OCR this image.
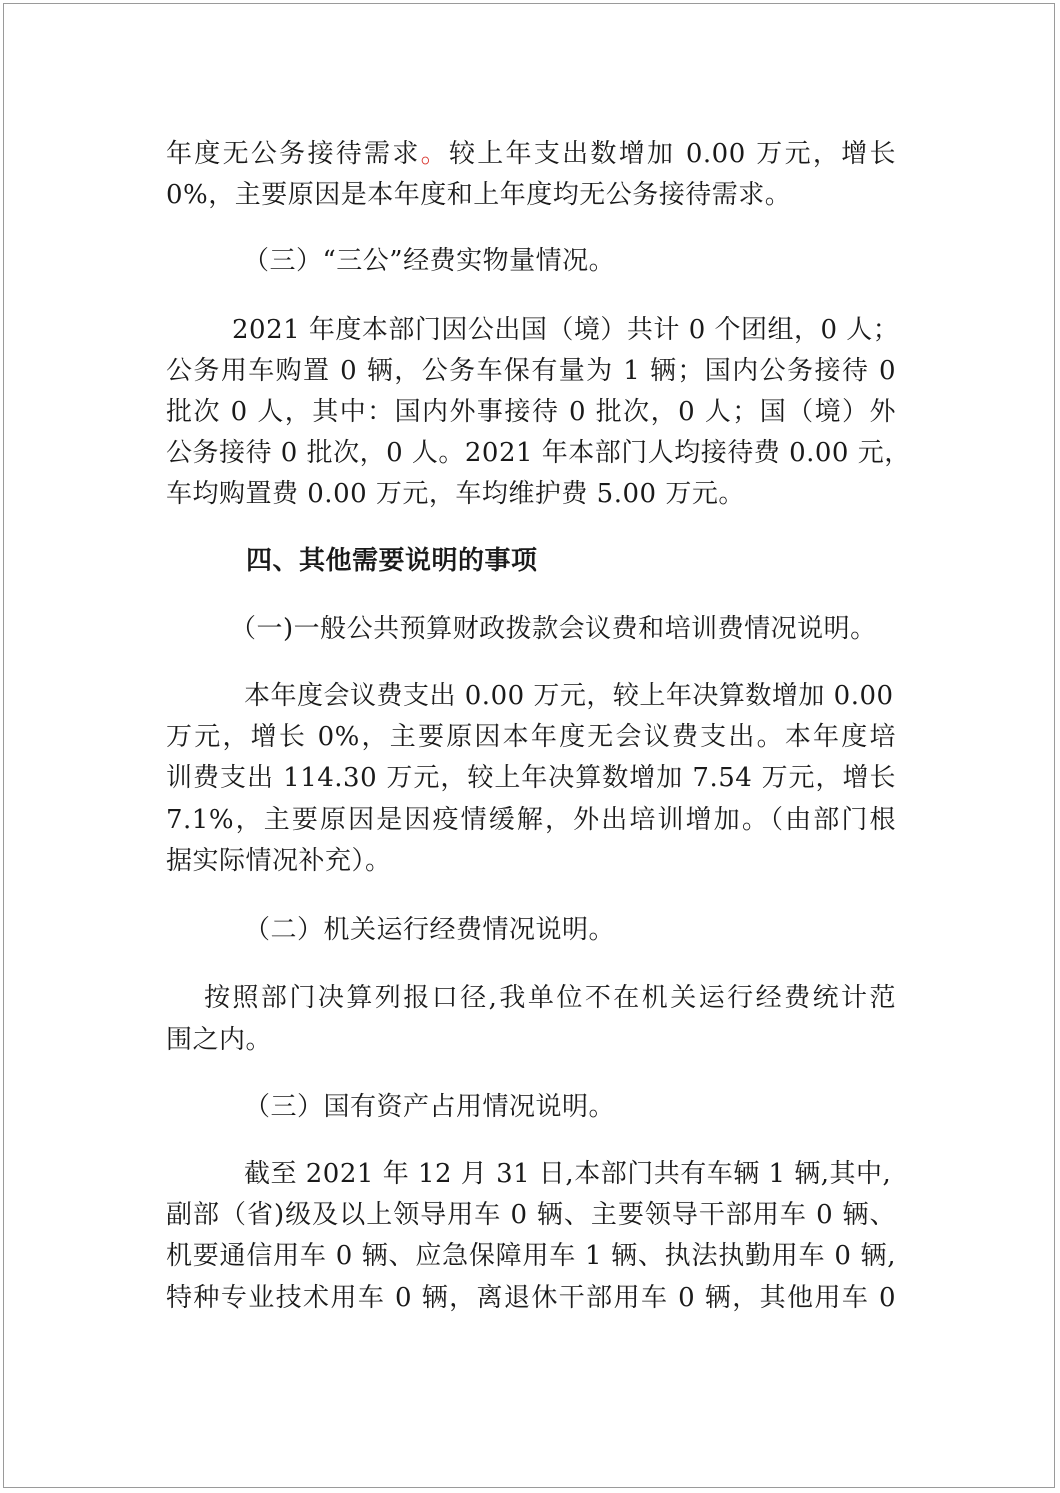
年度无公务接待需求。较上年支出数增加 0.00 万元，增长
0%，主要原因是本年度和上年度均无公务接待需求。
（三）“三公”经费实物量情况。
2021 年度本部门因公出国（境）共计 0 个团组，0 人；
公务用车购置 0 辆，公务车保有量为 1 辆；国内公务接待 0
批次 0 人，其中：国内外事接待 0 批次，0 人；国（境）外
公务接待 0 批次，0 人。2021 年本部门人均接待费 0.00 元，
车均购置费 0.00 万元，车均维护费 5.00 万元。
四、其他需要说明的事项
（一)一般公共预算财政拨款会议费和培训费情况说明。
本年度会议费支出 0.00 万元，较上年决算数增加 0.00
万元，增长 0%，主要原因本年度无会议费支出。本年度培
训费支出 114.30 万元，较上年决算数增加 7.54 万元，增长
7.1%，主要原因是因疫情缓解，外出培训增加。（由部门根
据实际情况补充）。
（二）机关运行经费情况说明。
按照部门决算列报口径,我单位不在机关运行经费统计范
围之内。
（三）国有资产占用情况说明。
截至 2021 年 12 月 31 日,本部门共有车辆 1 辆,其中,
副部（省)级及以上领导用车 0 辆、主要领导干部用车 0 辆、
机要通信用车 0 辆、应急保障用车 1 辆、执法执勤用车 0 辆,
特种专业技术用车 0 辆，离退休干部用车 0 辆，其他用车 0
